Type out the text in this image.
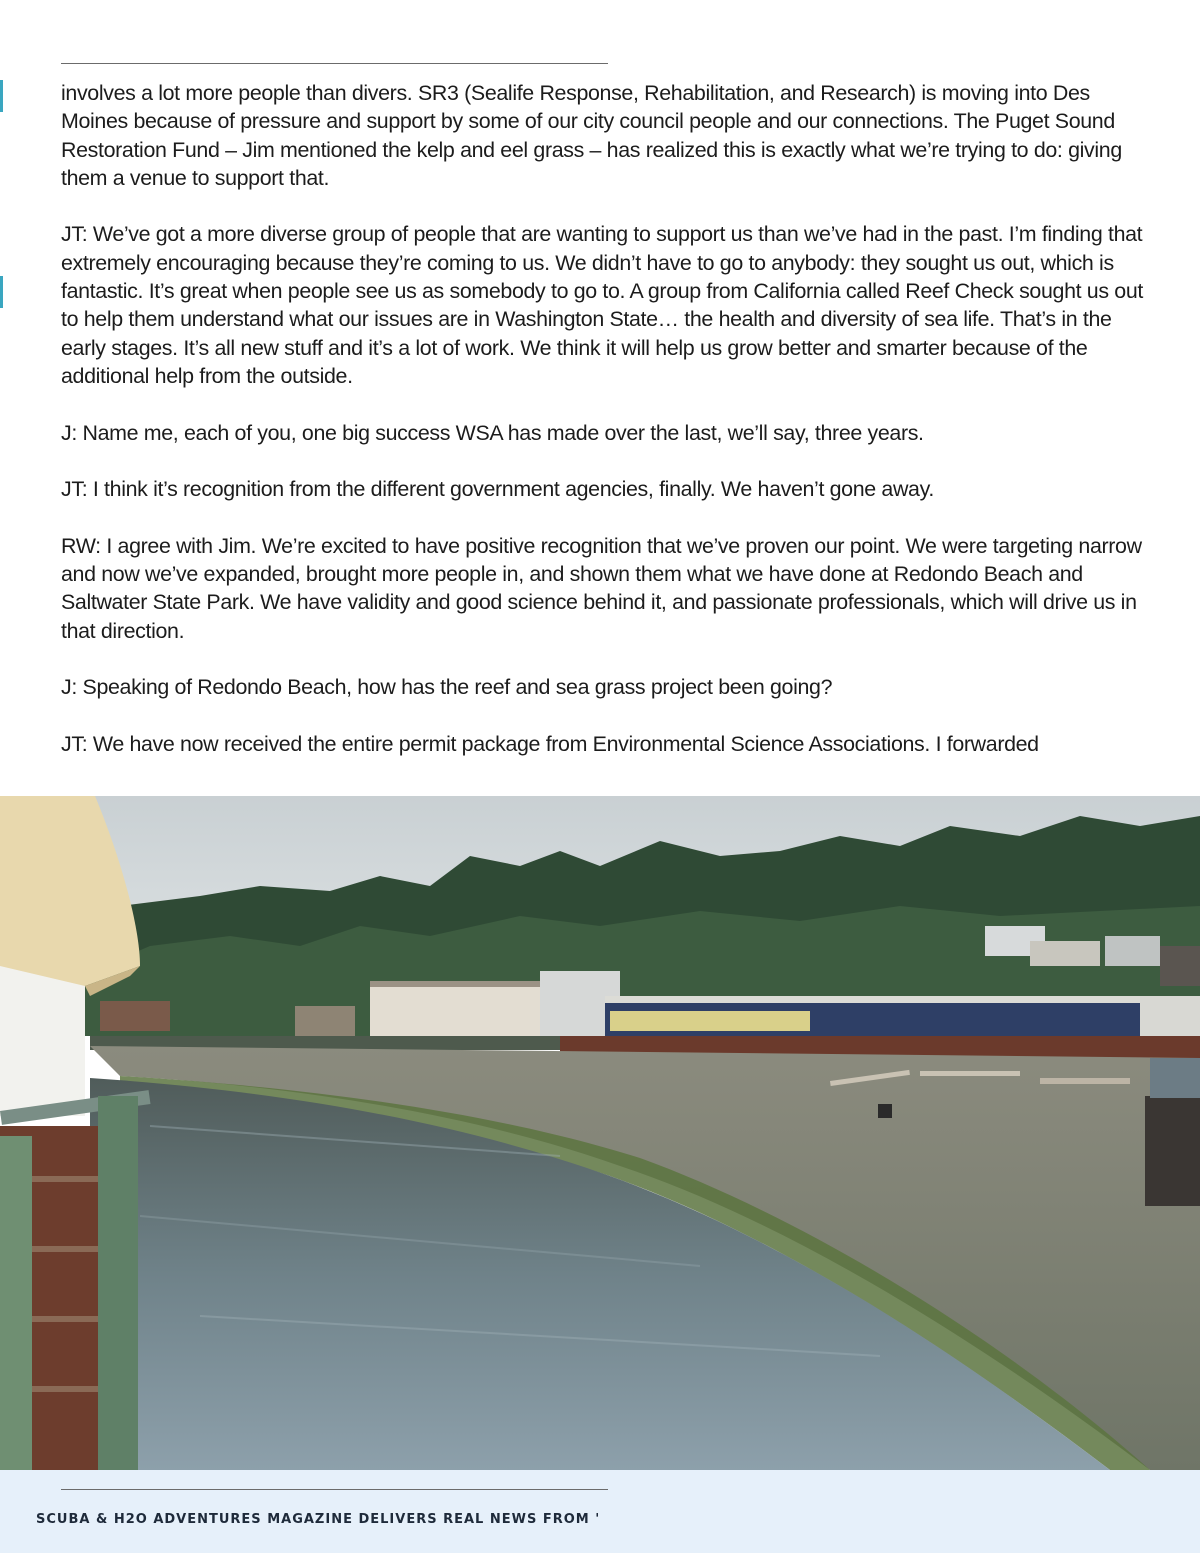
involves a lot more people than divers. SR3 (Sealife Response, Rehabilitation, and Research) is moving into Des Moines because of pressure and support by some of our city council people and our connections. The Puget Sound Restoration Fund – Jim mentioned the kelp and eel grass – has realized this is exactly what we’re trying to do: giving them a venue to support that.

JT: We’ve got a more diverse group of people that are wanting to support us than we’ve had in the past. I’m finding that extremely encouraging because they’re coming to us. We didn’t have to go to anybody: they sought us out, which is fantastic. It’s great when people see us as somebody to go to. A group from California called Reef Check sought us out to help them understand what our issues are in Washington State… the health and diversity of sea life. That’s in the early stages. It’s all new stuff and it’s a lot of work. We think it will help us grow better and smarter because of the additional help from the outside.

J: Name me, each of you, one big success WSA has made over the last, we’ll say, three years.

JT: I think it’s recognition from the different government agencies, finally. We haven’t gone away.

RW: I agree with Jim. We’re excited to have positive recognition that we’ve proven our point. We were targeting narrow and now we’ve expanded, brought more people in, and shown them what we have done at Redondo Beach and Saltwater State Park. We have validity and good science behind it, and passionate professionals, which will drive us in that direction.

J: Speaking of Redondo Beach, how has the reef and sea grass project been going?

JT: We have now received the entire permit package from Environmental Science Associations. I forwarded

SCUBA & H2O ADVENTURES MAGAZINE DELIVERS REAL NEWS FROM '
